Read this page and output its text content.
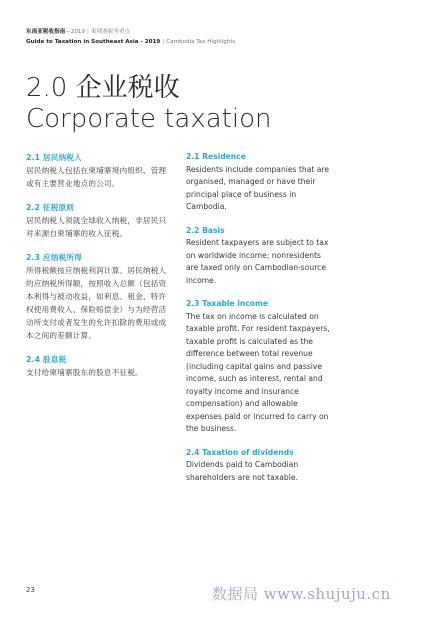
东南亚税收指南—2019 | 柬埔寨税务重点
Guide to Taxation in Southeast Asia - 2019 | Cambodia Tax Highlights
2.0 企业税收
Corporate taxation
2.1 居民纳税人
居民纳税人包括在柬埔寨境内组织、管理或有主要营业地点的公司。
2.2 征税原则
居民纳税人须就全球收入纳税，非居民只对来源自柬埔寨的收入征税。
2.3 应纳税所得
所得税额按应纳税利润计算。居民纳税人的应纳税所得额，按照收入总额（包括资本利得与被动收益，如利息、租金、特许权使用费收入、保险赔偿金）与为经营活动所支付或者发生的允许扣除的费用或成本之间的差额计算。
2.4 股息税
支付给柬埔寨股东的股息不征税。
2.1 Residence
Residents include companies that are organised, managed or have their principal place of business in Cambodia.
2.2 Basis
Resident taxpayers are subject to tax on worldwide income; nonresidents are taxed only on Cambodian-source income.
2.3 Taxable income
The tax on income is calculated on taxable profit. For resident taxpayers, taxable profit is calculated as the difference between total revenue (including capital gains and passive income, such as interest, rental and royalty income and insurance compensation) and allowable expenses paid or incurred to carry on the business.
2.4 Taxation of dividends
Dividends paid to Cambodian shareholders are not taxable.
23	数据局 www.shujuju.cn
